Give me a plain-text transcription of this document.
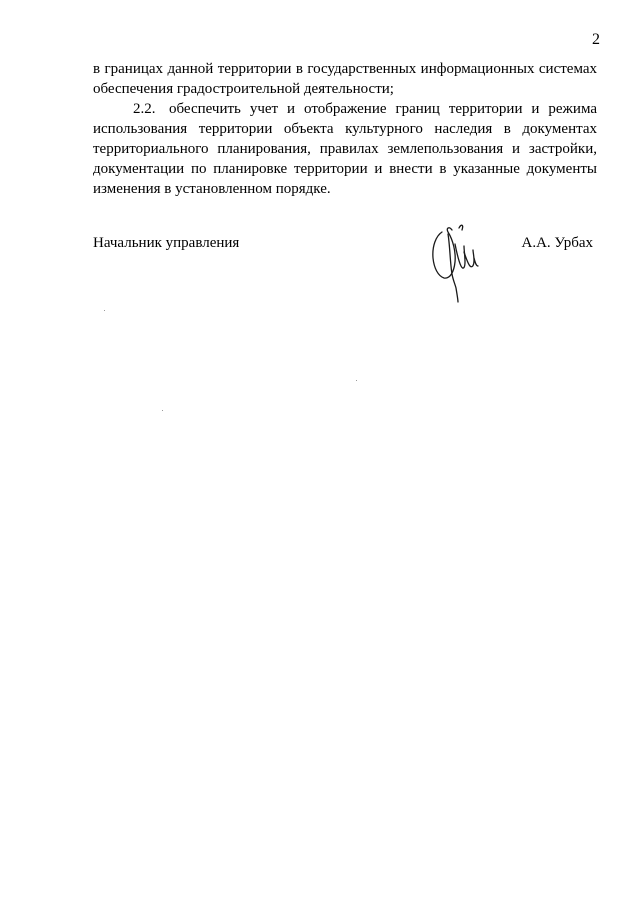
2

в границах данной территории в государственных информационных системах обеспечения градостроительной деятельности;

2.2. обеспечить учет и отображение границ территории и режима использования территории объекта культурного наследия в документах территориального планирования, правилах землепользования и застройки, документации по планировке территории и внести в указанные документы изменения в установленном порядке.

Начальник управления	А.А. Урбах
